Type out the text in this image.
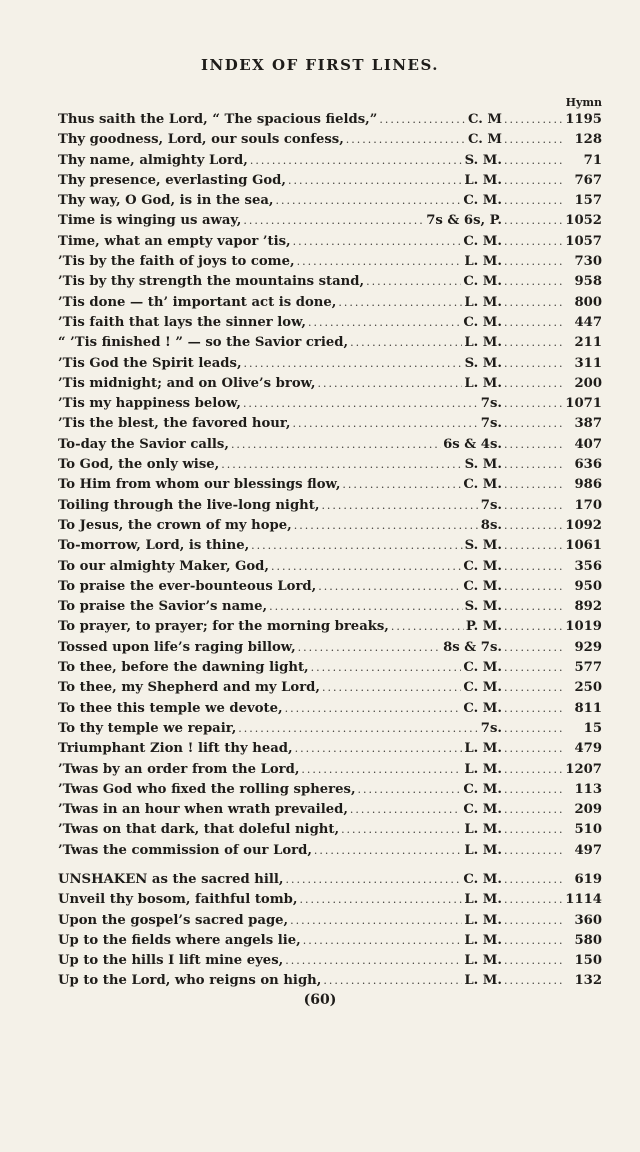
INDEX OF FIRST LINES.
Hymn
Thus saith the Lord, “ The spacious fields,” .....	C. M .....	1195
Thy goodness, Lord, our souls confess, .....	C. M .....	128
Thy name, almighty Lord, .....	S. M. .....	71
Thy presence, everlasting God, .....	L. M. .....	767
Thy way, O God, is in the sea, .....	C. M. .....	157
Time is winging us away, .....	7s & 6s, P. .....	1052
Time, what an empty vapor ’tis, .....	C. M. .....	1057
’Tis by the faith of joys to come, .....	L. M. .....	730
’Tis by thy strength the mountains stand, .....	C. M. .....	958
’Tis done — th’ important act is done, .....	L. M. .....	800
’Tis faith that lays the sinner low, .....	C. M. .....	447
“ ’Tis finished ! ” — so the Savior cried, .....	L. M. .....	211
’Tis God the Spirit leads, .....	S. M. .....	311
’Tis midnight; and on Olive’s brow, .....	L. M. .....	200
’Tis my happiness below, .....	7s. .....	1071
’Tis the blest, the favored hour, .....	7s. .....	387
To-day the Savior calls, .....	6s & 4s. .....	407
To God, the only wise, .....	S. M. .....	636
To Him from whom our blessings flow, .....	C. M. .....	986
Toiling through the live-long night, .....	7s. .....	170
To Jesus, the crown of my hope, .....	8s. .....	1092
To-morrow, Lord, is thine, .....	S. M. .....	1061
To our almighty Maker, God, .....	C. M. .....	356
To praise the ever-bounteous Lord, .....	C. M. .....	950
To praise the Savior’s name, .....	S. M. .....	892
To prayer, to prayer; for the morning breaks, .....	P. M. .....	1019
Tossed upon life’s raging billow, .....	8s & 7s. .....	929
To thee, before the dawning light, .....	C. M. .....	577
To thee, my Shepherd and my Lord, .....	C. M. .....	250
To thee this temple we devote, .....	C. M. .....	811
To thy temple we repair, .....	7s. .....	15
Triumphant Zion ! lift thy head, .....	L. M. .....	479
’Twas by an order from the Lord, .....	L. M. .....	1207
’Twas God who fixed the rolling spheres, .....	C. M. .....	113
’Twas in an hour when wrath prevailed, .....	C. M. .....	209
’Twas on that dark, that doleful night, .....	L. M. .....	510
’Twas the commission of our Lord, .....	L. M. .....	497
UNSHAKEN as the sacred hill, .....	C. M. .....	619
Unveil thy bosom, faithful tomb, .....	L. M. .....	1114
Upon the gospel’s sacred page, .....	L. M. .....	360
Up to the fields where angels lie, .....	L. M. .....	580
Up to the hills I lift mine eyes, .....	L. M. .....	150
Up to the Lord, who reigns on high, .....	L. M. .....	132
(60)
